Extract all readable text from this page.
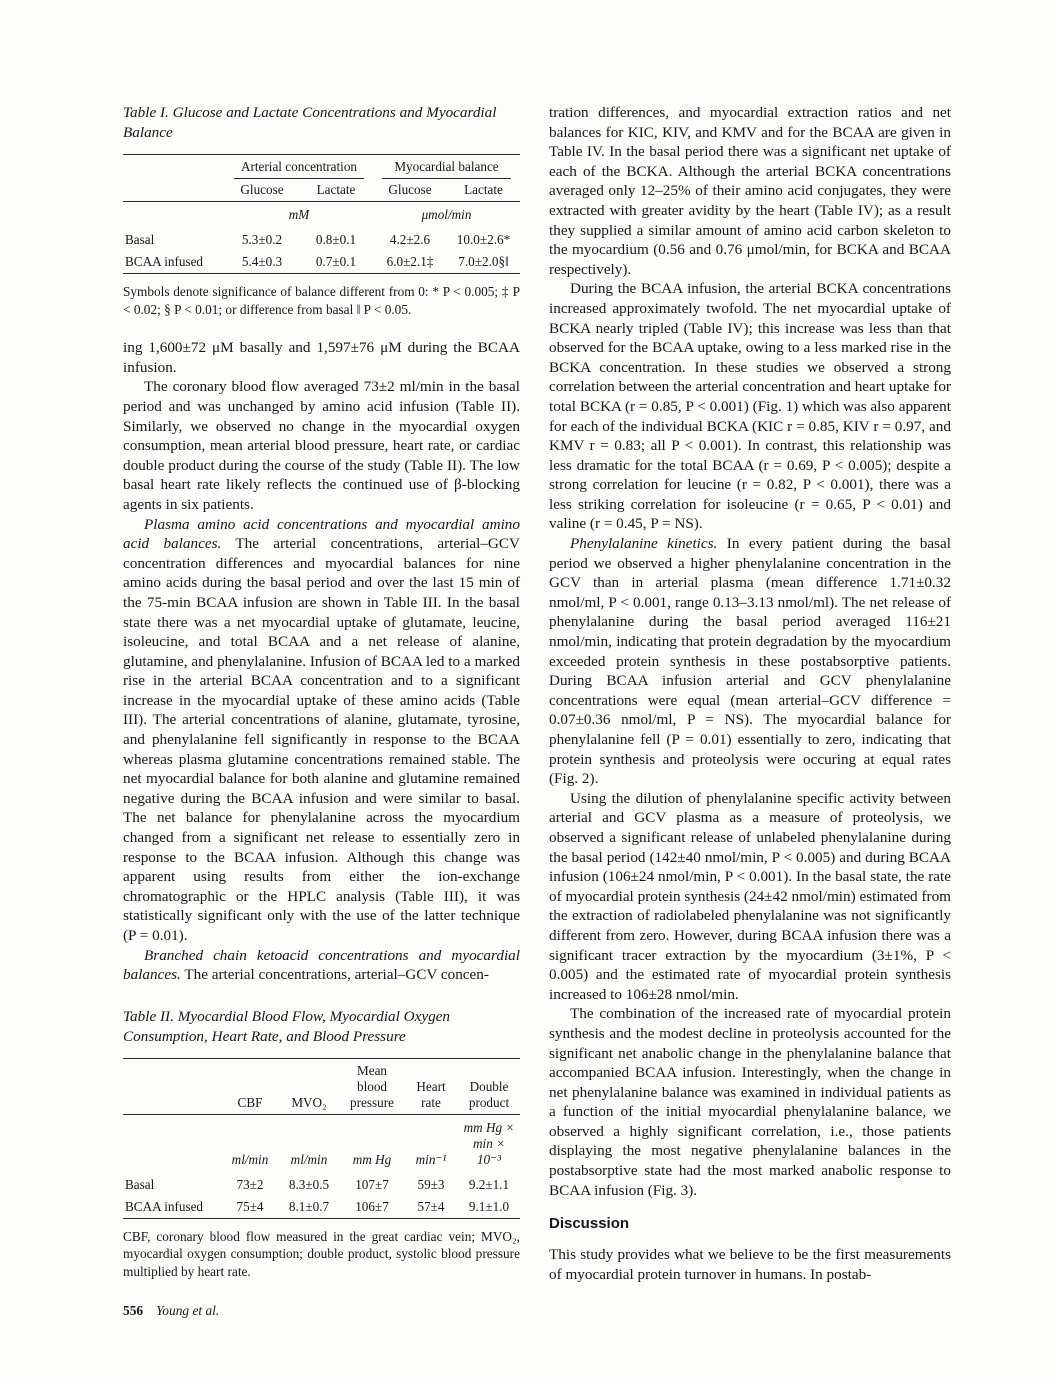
Table I. Glucose and Lactate Concentrations and Myocardial Balance

	Arterial concentration		Myocardial balance	

	Glucose	Lactate	Glucose	Lactate
	mM		μmol/min	
Basal	5.3±0.2	0.8±0.1	4.2±2.6	10.0±2.6*
BCAA infused	5.4±0.3	0.7±0.1	6.0±2.1‡	7.0±2.0§‖

Symbols denote significance of balance different from 0: * P < 0.005; ‡ P < 0.02; § P < 0.01; or difference from basal ‖ P < 0.05.

ing 1,600±72 μM basally and 1,597±76 μM during the BCAA infusion.

The coronary blood flow averaged 73±2 ml/min in the basal period and was unchanged by amino acid infusion (Table II). Similarly, we observed no change in the myocardial oxygen consumption, mean arterial blood pressure, heart rate, or cardiac double product during the course of the study (Table II). The low basal heart rate likely reflects the continued use of β-blocking agents in six patients.

Plasma amino acid concentrations and myocardial amino acid balances. The arterial concentrations, arterial–GCV concentration differences and myocardial balances for nine amino acids during the basal period and over the last 15 min of the 75-min BCAA infusion are shown in Table III. In the basal state there was a net myocardial uptake of glutamate, leucine, isoleucine, and total BCAA and a net release of alanine, glutamine, and phenylalanine. Infusion of BCAA led to a marked rise in the arterial BCAA concentration and to a significant increase in the myocardial uptake of these amino acids (Table III). The arterial concentrations of alanine, glutamate, tyrosine, and phenylalanine fell significantly in response to the BCAA whereas plasma glutamine concentrations remained stable. The net myocardial balance for both alanine and glutamine remained negative during the BCAA infusion and were similar to basal. The net balance for phenylalanine across the myocardium changed from a significant net release to essentially zero in response to the BCAA infusion. Although this change was apparent using results from either the ion-exchange chromatographic or the HPLC analysis (Table III), it was statistically significant only with the use of the latter technique (P = 0.01).

Branched chain ketoacid concentrations and myocardial balances. The arterial concentrations, arterial–GCV concen-

Table II. Myocardial Blood Flow, Myocardial Oxygen Consumption, Heart Rate, and Blood Pressure

	CBF	MVO₂	Mean blood pressure	Heart rate	Double product
	ml/min	ml/min	mm Hg	min⁻¹	mm Hg × min × 10⁻³
Basal	73±2	8.3±0.5	107±7	59±3	9.2±1.1
BCAA infused	75±4	8.1±0.7	106±7	57±4	9.1±1.0

CBF, coronary blood flow measured in the great cardiac vein; MVO₂, myocardial oxygen consumption; double product, systolic blood pressure multiplied by heart rate.

556 Young et al.

tration differences, and myocardial extraction ratios and net balances for KIC, KIV, and KMV and for the BCAA are given in Table IV. In the basal period there was a significant net uptake of each of the BCKA. Although the arterial BCKA concentrations averaged only 12–25% of their amino acid conjugates, they were extracted with greater avidity by the heart (Table IV); as a result they supplied a similar amount of amino acid carbon skeleton to the myocardium (0.56 and 0.76 μmol/min, for BCKA and BCAA respectively).

During the BCAA infusion, the arterial BCKA concentrations increased approximately twofold. The net myocardial uptake of BCKA nearly tripled (Table IV); this increase was less than that observed for the BCAA uptake, owing to a less marked rise in the BCKA concentration. In these studies we observed a strong correlation between the arterial concentration and heart uptake for total BCKA (r = 0.85, P < 0.001) (Fig. 1) which was also apparent for each of the individual BCKA (KIC r = 0.85, KIV r = 0.97, and KMV r = 0.83; all P < 0.001). In contrast, this relationship was less dramatic for the total BCAA (r = 0.69, P < 0.005); despite a strong correlation for leucine (r = 0.82, P < 0.001), there was a less striking correlation for isoleucine (r = 0.65, P < 0.01) and valine (r = 0.45, P = NS).

Phenylalanine kinetics. In every patient during the basal period we observed a higher phenylalanine concentration in the GCV than in arterial plasma (mean difference 1.71±0.32 nmol/ml, P < 0.001, range 0.13–3.13 nmol/ml). The net release of phenylalanine during the basal period averaged 116±21 nmol/min, indicating that protein degradation by the myocardium exceeded protein synthesis in these postabsorptive patients. During BCAA infusion arterial and GCV phenylalanine concentrations were equal (mean arterial–GCV difference = 0.07±0.36 nmol/ml, P = NS). The myocardial balance for phenylalanine fell (P = 0.01) essentially to zero, indicating that protein synthesis and proteolysis were occuring at equal rates (Fig. 2).

Using the dilution of phenylalanine specific activity between arterial and GCV plasma as a measure of proteolysis, we observed a significant release of unlabeled phenylalanine during the basal period (142±40 nmol/min, P < 0.005) and during BCAA infusion (106±24 nmol/min, P < 0.001). In the basal state, the rate of myocardial protein synthesis (24±42 nmol/min) estimated from the extraction of radiolabeled phenylalanine was not significantly different from zero. However, during BCAA infusion there was a significant tracer extraction by the myocardium (3±1%, P < 0.005) and the estimated rate of myocardial protein synthesis increased to 106±28 nmol/min.

The combination of the increased rate of myocardial protein synthesis and the modest decline in proteolysis accounted for the significant net anabolic change in the phenylalanine balance that accompanied BCAA infusion. Interestingly, when the change in net phenylalanine balance was examined in individual patients as a function of the initial myocardial phenylalanine balance, we observed a highly significant correlation, i.e., those patients displaying the most negative phenylalanine balances in the postabsorptive state had the most marked anabolic response to BCAA infusion (Fig. 3).

Discussion

This study provides what we believe to be the first measurements of myocardial protein turnover in humans. In postab-
